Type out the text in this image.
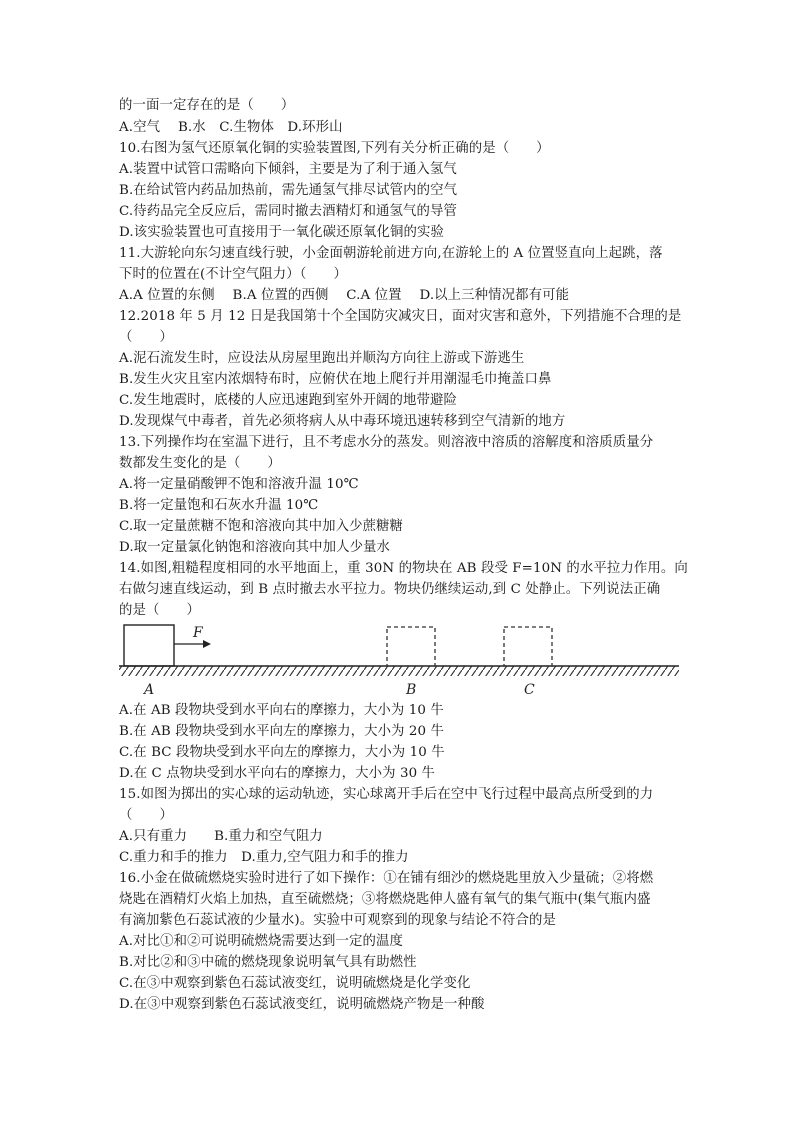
的一面一定存在的是（　　）
A.空气　 B.水　C.生物体　D.环形山
10.右图为氢气还原氧化铜的实验装置图,下列有关分析正确的是（　　）
A.装置中试管口需略向下倾斜，主要是为了利于通入氢气
B.在给试管内药品加热前，需先通氢气排尽试管内的空气
C.待药品完全反应后，需同时撤去酒精灯和通氢气的导管
D.该实验装置也可直接用于一氧化碳还原氧化铜的实验
11.大游轮向东匀速直线行驶，小金面朝游轮前进方向,在游轮上的 A 位置竖直向上起跳，落
下时的位置在(不计空气阻力）（　　）
A.A 位置的东侧　 B.A 位置的西侧　 C.A 位置　 D.以上三种情况都有可能
12.2018 年 5 月 12 日是我国第十个全国防灾减灾日，面对灾害和意外，下列措施不合理的是
（　　）
A.泥石流发生时，应设法从房屋里跑出并顺沟方向往上游或下游逃生
B.发生火灾且室内浓烟特布时，应俯伏在地上爬行并用潮湿毛巾掩盖口鼻
C.发生地震时，底楼的人应迅速跑到室外开阔的地带避险
D.发现煤气中毒者，首先必须将病人从中毒环境迅速转移到空气清新的地方
13.下列操作均在室温下进行，且不考虑水分的蒸发。则溶液中溶质的溶解度和溶质质量分
数都发生变化的是（　　）
A.将一定量硝酸钾不饱和溶液升温 10℃
B.将一定量饱和石灰水升温 10℃
C.取一定量蔗糖不饱和溶液向其中加入少蔗糖糖
D.取一定量氯化钠饱和溶液向其中加人少量水
14.如图,粗糙程度相同的水平地面上，重 30N 的物块在 AB 段受 F=10N 的水平拉力作用。向
右做匀速直线运动，到 B 点时撤去水平拉力。物块仍继续运动,到 C 处静止。下列说法正确
的是（　　）
F
A	B	C
A.在 AB 段物块受到水平向右的摩擦力，大小为 10 牛
B.在 AB 段物块受到水平向左的摩擦力，大小为 20 牛
C.在 BC 段物块受到水平向左的摩擦力，大小为 10 牛
D.在 C 点物块受到水平向右的摩擦力，大小为 30 牛
15.如图为掷出的实心球的运动轨迹，实心球离开手后在空中飞行过程中最高点所受到的力
（　　）
A.只有重力　　B.重力和空气阻力
C.重力和手的推力　D.重力,空气阻力和手的推力
16.小金在做硫燃烧实验时进行了如下操作：①在铺有细沙的燃烧匙里放入少量硫；②将燃
烧匙在酒精灯火焰上加热，直至硫燃烧；③将燃烧匙伸人盛有氧气的集气瓶中(集气瓶内盛
有滴加紫色石蕊试液的少量水)。实验中可观察到的现象与结论不符合的是
A.对比①和②可说明硫燃烧需要达到一定的温度
B.对比②和③中硫的燃烧现象说明氧气具有助燃性
C.在③中观察到紫色石蕊试液变红，说明硫燃烧是化学变化
D.在③中观察到紫色石蕊试液变红，说明硫燃烧产物是一种酸
